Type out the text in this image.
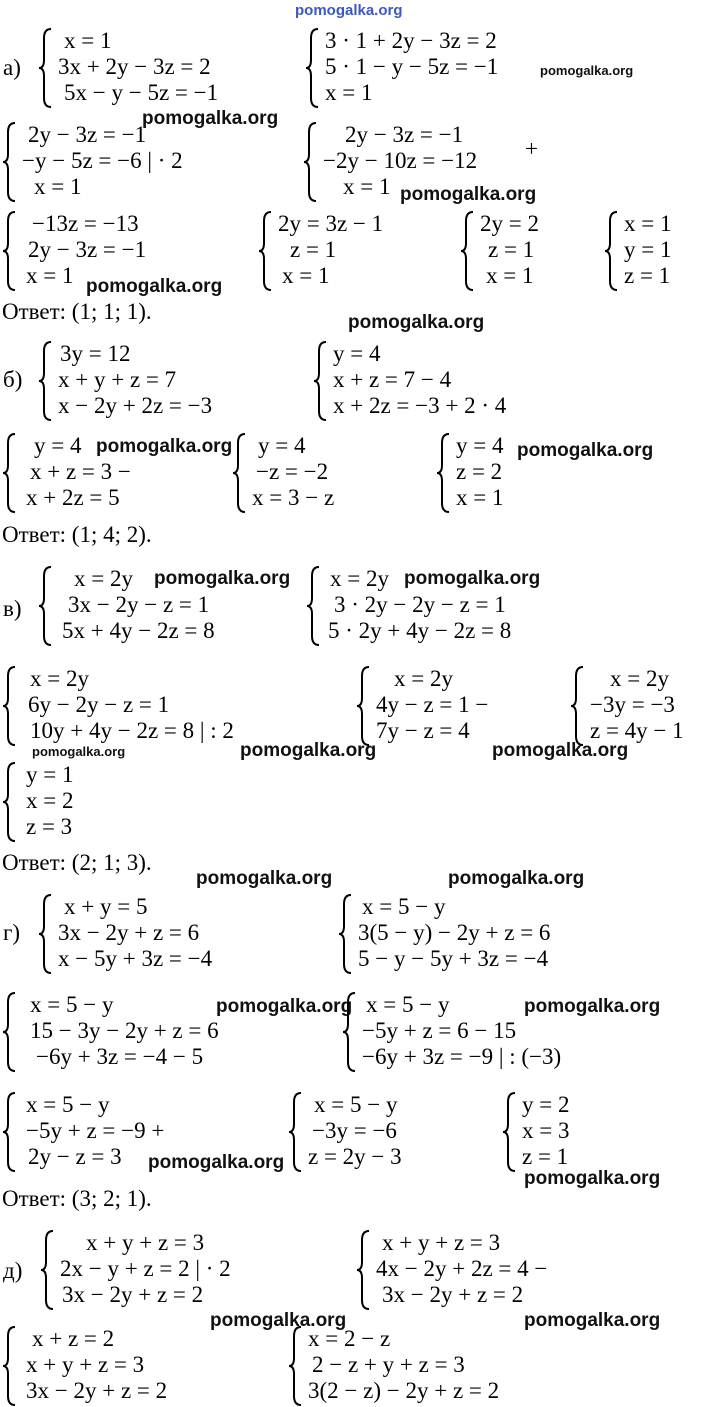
pomogalka.org
а)
x = 1
3x + 2y − 3z = 2
5x − y − 5z = −1
3 · 1 + 2y − 3z = 2
5 · 1 − y − 5z = −1
x = 1
pomogalka.org
pomogalka.org
2y − 3z = −1
−y − 5z = −6 | · 2
x = 1
2y − 3z = −1
−2y − 10z = −12
x = 1
+
pomogalka.org
−13z = −13
2y − 3z = −1
x = 1 pomogalka.org
2y = 3z − 1
z = 1
x = 1
2y = 2
z = 1
x = 1
x = 1
y = 1
z = 1
Ответ: (1; 1; 1).	pomogalka.org
б)
3y = 12
x + y + z = 7
x − 2y + 2z = −3
y = 4
x + z = 7 − 4
x + 2z = −3 + 2 · 4
y = 4
x + z = 3 −
x + 2z = 5
pomogalka.org y = 4
−z = −2
x = 3 − z
y = 4
z = 2
x = 1
pomogalka.org
Ответ: (1; 4; 2).
в)
x = 2y
3x − 2y − z = 1
5x + 4y − 2z = 8
pomogalka.org x = 2y
3 · 2y − 2y − z = 1
5 · 2y + 4y − 2z = 8
pomogalka.org
x = 2y
6y − 2y − z = 1
10y + 4y − 2z = 8 | : 2
pomogalka.org	pomogalka.org
x = 2y
4y − z = 1 −
7y − z = 4
x = 2y
−3y = −3
z = 4y − 1
pomogalka.org
y = 1
x = 2
z = 3
Ответ: (2; 1; 3).
pomogalka.org	pomogalka.org
г)
x + y = 5
3x − 2y + z = 6
x − 5y + 3z = −4
x = 5 − y
3(5 − y) − 2y + z = 6
5 − y − 5y + 3z = −4
x = 5 − y
15 − 3y − 2y + z = 6
−6y + 3z = −4 − 5
pomogalka.org x = 5 − y
−5y + z = 6 − 15
−6y + 3z = −9 | : (−3)
pomogalka.org
x = 5 − y
−5y + z = −9 +
2y − z = 3 pomogalka.org
x = 5 − y
−3y = −6
z = 2y − 3
y = 2
x = 3
z = 1
pomogalka.org
Ответ: (3; 2; 1).
д)
x + y + z = 3
2x − y + z = 2 | · 2
3x − 2y + z = 2
x + y + z = 3
4x − 2y + 2z = 4 −
3x − 2y + z = 2
pomogalka.org	pomogalka.org
x + z = 2
x + y + z = 3
3x − 2y + z = 2
x = 2 − z
2 − z + y + z = 3
3(2 − z) − 2y + z = 2
